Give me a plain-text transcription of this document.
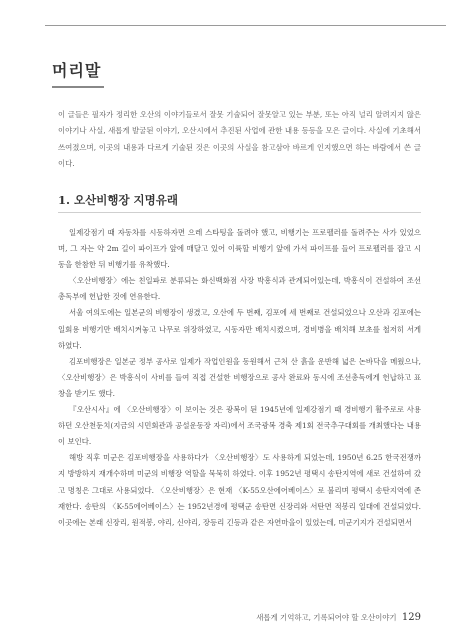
머리말

이 글들은 필자가 정리한 오산의 이야기들로서 잘못 기술되어 잘못알고 있는 부분, 또는 아직 널리 알려지지 않은 이야기나 사실, 새롭게 발굴된 이야기, 오산시에서 추진된 사업에 관한 내용 등등을 모은 글이다. 사실에 기초해서 쓰여졌으며, 이곳의 내용과 다르게 기술된 것은 이곳의 사실을 참고삼아 바르게 인지했으면 하는 바람에서 쓴 글이다.

1. 오산비행장 지명유래

일제강점기 때 자동차를 시동하자면 으레 스타팅을 돌려야 했고, 비행기는 프로펠러를 돌려주는 사가 있었으며, 그 자는 약 2m 길이 파이프가 앞에 매달고 있어 이륙할 비행기 앞에 가서 파이프를 들어 프로펠러를 잡고 시동을 한참한 뒤 비행기를 유착했다.

〈오산비행장〉에는 친일파로 분류되는 화신백화점 사장 박흥식과 관계되어있는데, 박흥식이 건설하여 조선총독부에 헌납한 것에 연유한다.

서울 여의도에는 일본군의 비행장이 생겼고, 오산에 두 번째, 김포에 세 번째로 건설되었으나 오산과 김포에는 일회용 비행기만 배치시켜놓고 나무로 위장하였고, 시동자만 배치시켰으며, 경비병을 배치해 보초를 철저히 서게 하였다.

김포비행장은 일본군 정부 공사로 일제가 작업인원을 동원해서 근처 산 흙을 운반해 넓은 논바닥을 메웠으나, 〈오산비행장〉은 박흥식이 사비를 들여 직접 건설한 비행장으로 공사 완료와 동시에 조선총독에게 헌납하고 표창을 받기도 했다.

『오산시사』에 〈오산비행장〉이 보이는 것은 광복이 된 1945년에 일제강점기 때 경비행기 활주로로 사용하던 오산천둔치(지금의 시민회관과 공설운동장 자리)에서 조국광복 경축 제1회 전국추구대회를 개최했다는 내용이 보인다.

해방 직후 미군은 김포비행장을 사용하다가 〈오산비행장〉도 사용하게 되었는데, 1950년 6.25 한국전쟁까지 방방하지 재개수하며 미군의 비행장 역할을 묵묵히 하였다. 이후 1952년 평택시 송탄지역에 새로 건설하여 갔고 명칭은 그대로 사용되었다. 〈오산비행장〉은 현재 〈K-55오산에어베이스〉로 불리며 평택시 송탄지역에 존재한다. 송탄의 〈K-55에어베이스〉는 1952년경에 평택군 송탄면 신장리와 서탄면 적봉리 일대에 건설되었다. 이곳에는 본래 신장리, 원적봉, 야리, 신야리, 장등리 긴등과 같은 자연마을이 있었는데, 미군기지가 건설되면서

새롭게 기억하고, 기록되어야 할 오산이야기 129
